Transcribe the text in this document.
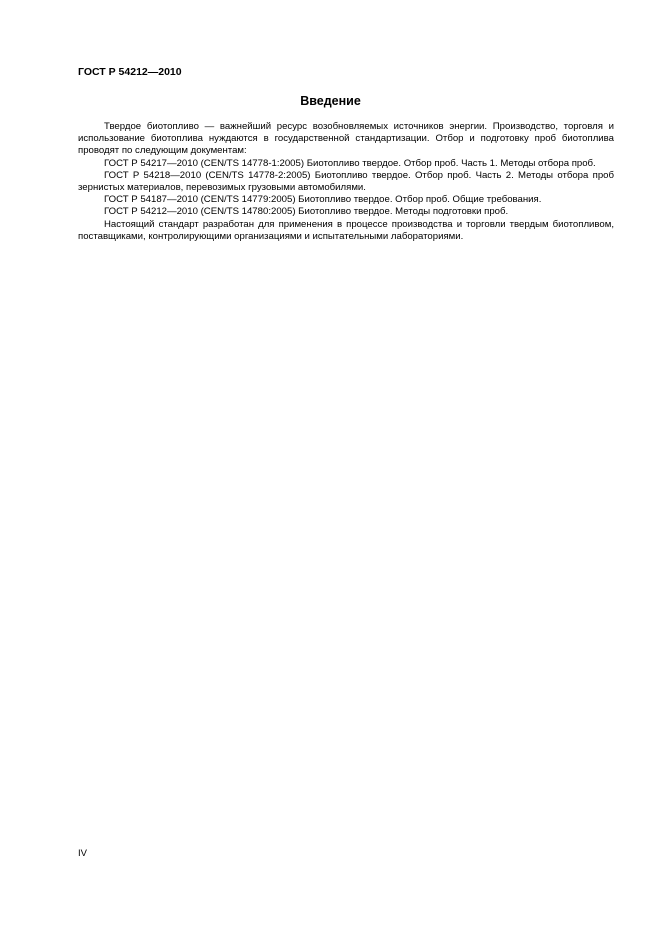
ГОСТ Р 54212—2010
Введение

Твердое биотопливо — важнейший ресурс возобновляемых источников энергии. Производство, торговля и использование биотоплива нуждаются в государственной стандартизации. Отбор и подготовку проб биотоплива проводят по следующим документам:

ГОСТ Р 54217—2010 (CEN/TS 14778-1:2005) Биотопливо твердое. Отбор проб. Часть 1. Методы отбора проб.

ГОСТ Р 54218—2010 (CEN/TS 14778-2:2005) Биотопливо твердое. Отбор проб. Часть 2. Методы отбора проб зернистых материалов, перевозимых грузовыми автомобилями.

ГОСТ Р 54187—2010 (CEN/TS 14779:2005) Биотопливо твердое. Отбор проб. Общие требования.

ГОСТ Р 54212—2010 (CEN/TS 14780:2005) Биотопливо твердое. Методы подготовки проб.

Настоящий стандарт разработан для применения в процессе производства и торговли твердым биотопливом, поставщиками, контролирующими организациями и испытательными лабораториями.

IV
